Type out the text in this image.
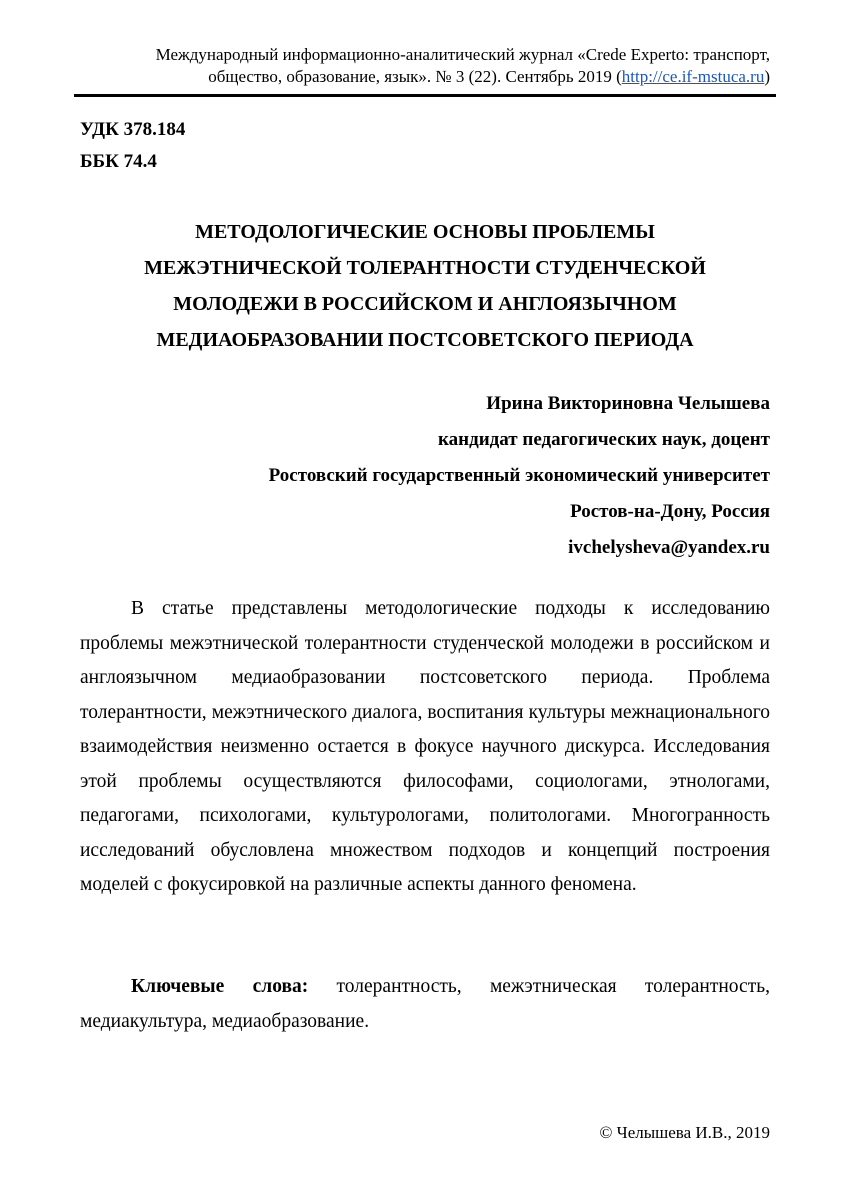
Международный информационно-аналитический журнал «Crede Experto: транспорт,
общество, образование, язык». № 3 (22). Сентябрь 2019 (http://ce.if-mstuca.ru)
УДК 378.184
ББК 74.4
МЕТОДОЛОГИЧЕСКИЕ ОСНОВЫ ПРОБЛЕМЫ
МЕЖЭТНИЧЕСКОЙ ТОЛЕРАНТНОСТИ СТУДЕНЧЕСКОЙ
МОЛОДЕЖИ В РОССИЙСКОМ И АНГЛОЯЗЫЧНОМ
МЕДИАОБРАЗОВАНИИ ПОСТСОВЕТСКОГО ПЕРИОДА
Ирина Викториновна Челышева
кандидат педагогических наук, доцент
Ростовский государственный экономический университет
Ростов-на-Дону, Россия
ivchelysheva@yandex.ru

В статье представлены методологические подходы к исследованию проблемы межэтнической толерантности студенческой молодежи в российском и англоязычном медиаобразовании постсоветского периода. Проблема толерантности, межэтнического диалога, воспитания культуры межнационального взаимодействия неизменно остается в фокусе научного дискурса. Исследования этой проблемы осуществляются философами, социологами, этнологами, педагогами, психологами, культурологами, политологами. Многогранность исследований обусловлена множеством подходов и концепций построения моделей с фокусировкой на различные аспекты данного феномена.

Ключевые слова: толерантность, межэтническая толерантность, медиакультура, медиаобразование.

© Челышева И.В., 2019
